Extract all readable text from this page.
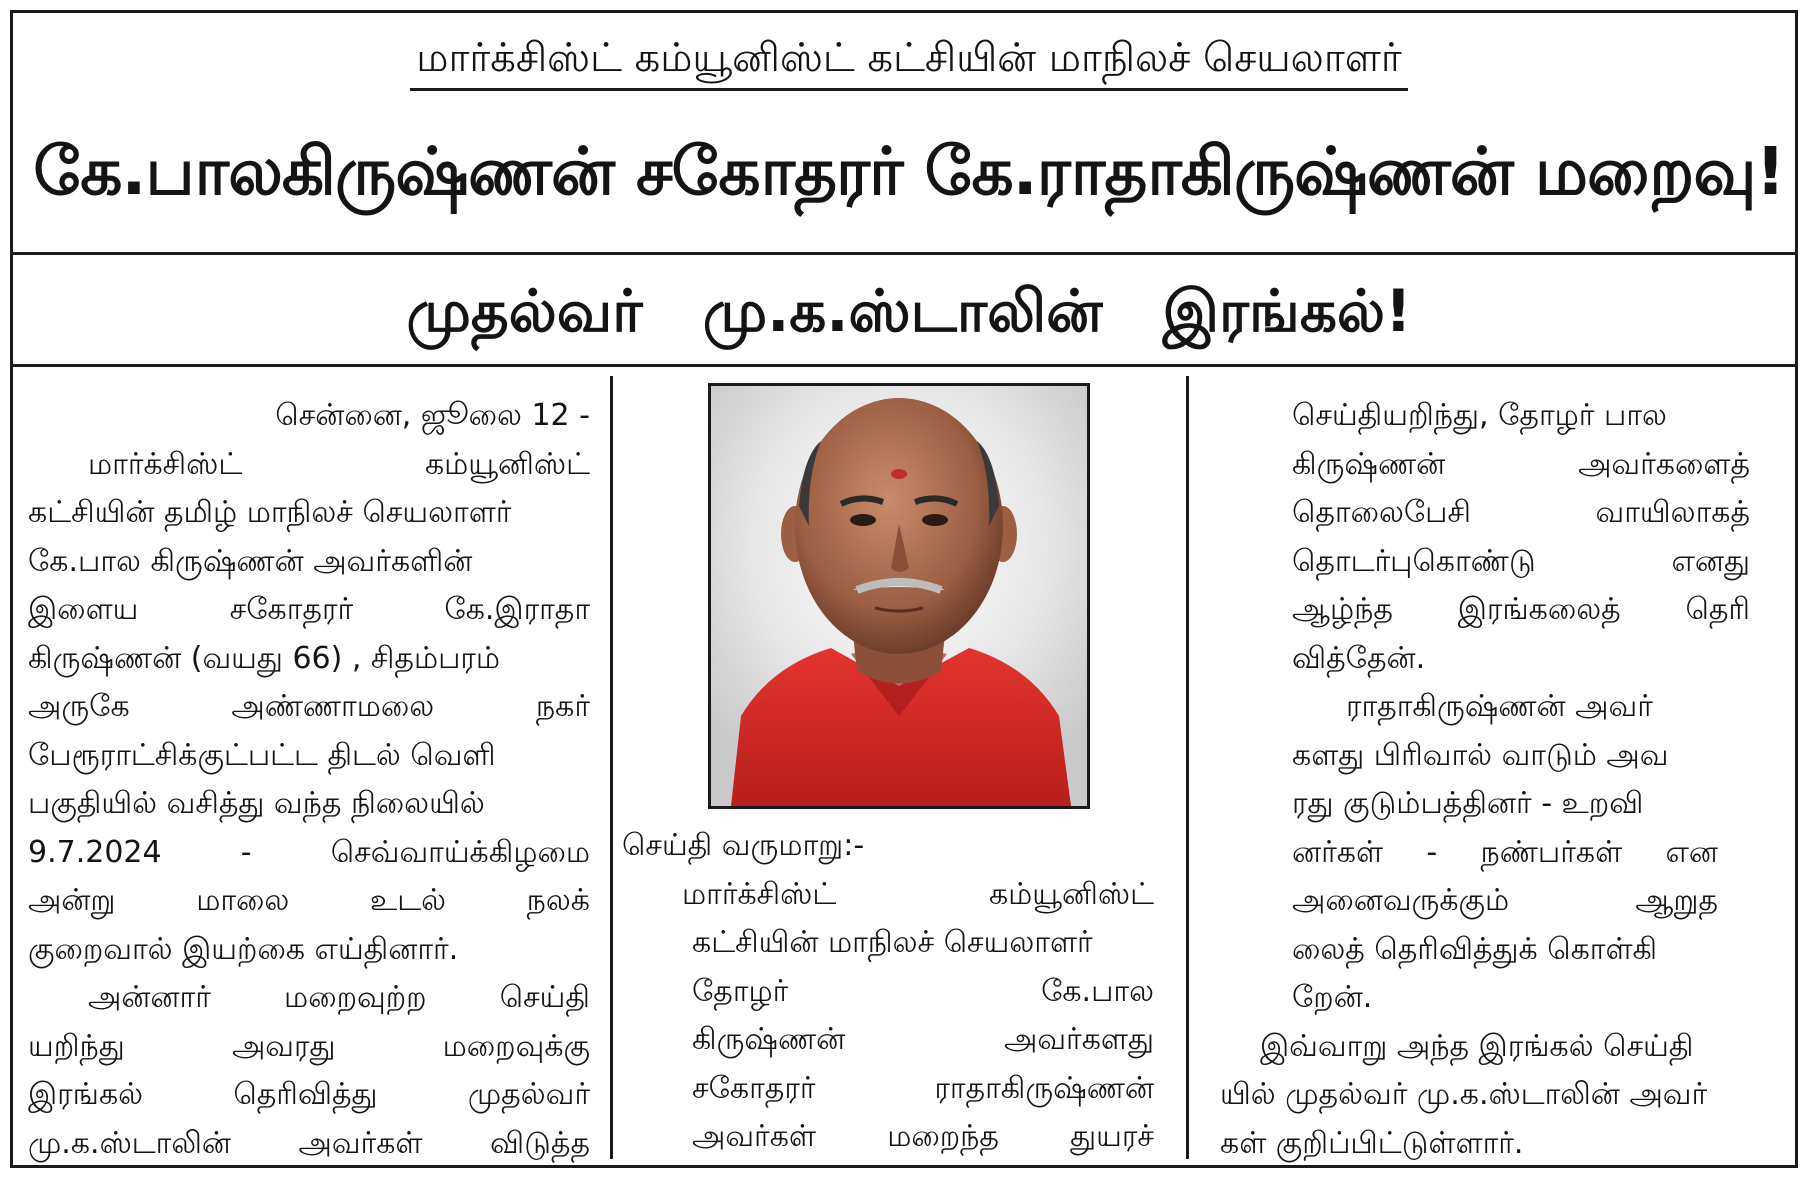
மார்க்சிஸ்ட் கம்யூனிஸ்ட் கட்சியின் மாநிலச் செயலாளர்
கே.பாலகிருஷ்ணன் சகோதரர் கே.ராதாகிருஷ்ணன் மறைவு!
முதல்வர் மு.க.ஸ்டாலின் இரங்கல்!
சென்னை, ஜூலை 12 -
மார்க்சிஸ்ட் கம்யூனிஸ்ட்
கட்சியின் தமிழ் மாநிலச் செயலாளர்
கே.பால கிருஷ்ணன் அவர்களின்
இளைய சகோதரர் கே.இராதா
கிருஷ்ணன் (வயது 66) , சிதம்பரம்
அருகே அண்ணாமலை நகர்
பேரூராட்சிக்குட்பட்ட திடல் வெளி
பகுதியில் வசித்து வந்த நிலையில்
9.7.2024 - செவ்வாய்க்கிழமை
அன்று மாலை உடல் நலக்
குறைவால் இயற்கை எய்தினார்.
அன்னார் மறைவுற்ற செய்தி
யறிந்து அவரது மறைவுக்கு
இரங்கல் தெரிவித்து முதல்வர்
மு.க.ஸ்டாலின் அவர்கள் விடுத்த
செய்தி வருமாறு:-
மார்க்சிஸ்ட் கம்யூனிஸ்ட்
கட்சியின் மாநிலச் செயலாளர்
தோழர் கே.பால
கிருஷ்ணன் அவர்களது
சகோதரர் ராதாகிருஷ்ணன்
அவர்கள் மறைந்த துயரச்
செய்தியறிந்து, தோழர் பால
கிருஷ்ணன் அவர்களைத்
தொலைபேசி வாயிலாகத்
தொடர்புகொண்டு எனது
ஆழ்ந்த இரங்கலைத் தெரி
வித்தேன்.
ராதாகிருஷ்ணன் அவர்
களது பிரிவால் வாடும் அவ
ரது குடும்பத்தினர் - உறவி
னர்கள் - நண்பர்கள் என
அனைவருக்கும் ஆறுத
லைத் தெரிவித்துக் கொள்கி
றேன்.
இவ்வாறு அந்த இரங்கல் செய்தி
யில் முதல்வர் மு.க.ஸ்டாலின் அவர்
கள் குறிப்பிட்டுள்ளார்.
